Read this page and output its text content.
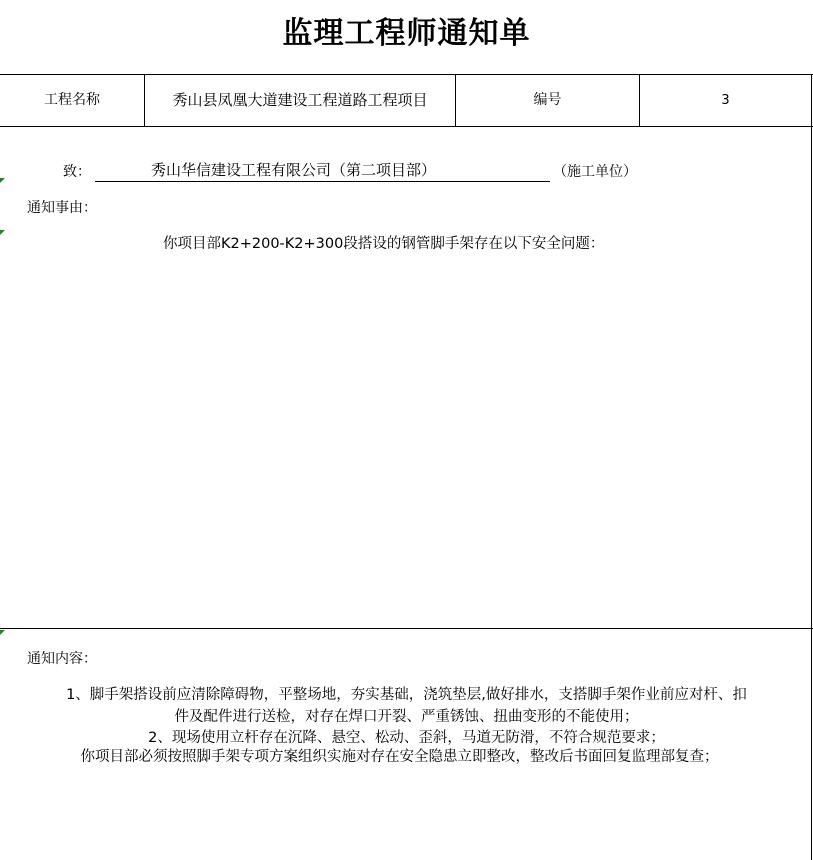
监理工程师通知单
工程名称	秀山县凤凰大道建设工程道路工程项目	编号	3
致：	秀山华信建设工程有限公司（第二项目部）	（施工单位）
通知事由：
你项目部K2+200-K2+300段搭设的钢管脚手架存在以下安全问题：
通知内容：
1、脚手架搭设前应清除障碍物，平整场地，夯实基础，浇筑垫层,做好排水，支搭脚手架作业前应对杆、扣
件及配件进行送检，对存在焊口开裂、严重锈蚀、扭曲变形的不能使用；
2、现场使用立杆存在沉降、悬空、松动、歪斜，马道无防滑，不符合规范要求；
你项目部必须按照脚手架专项方案组织实施对存在安全隐患立即整改，整改后书面回复监理部复查；
